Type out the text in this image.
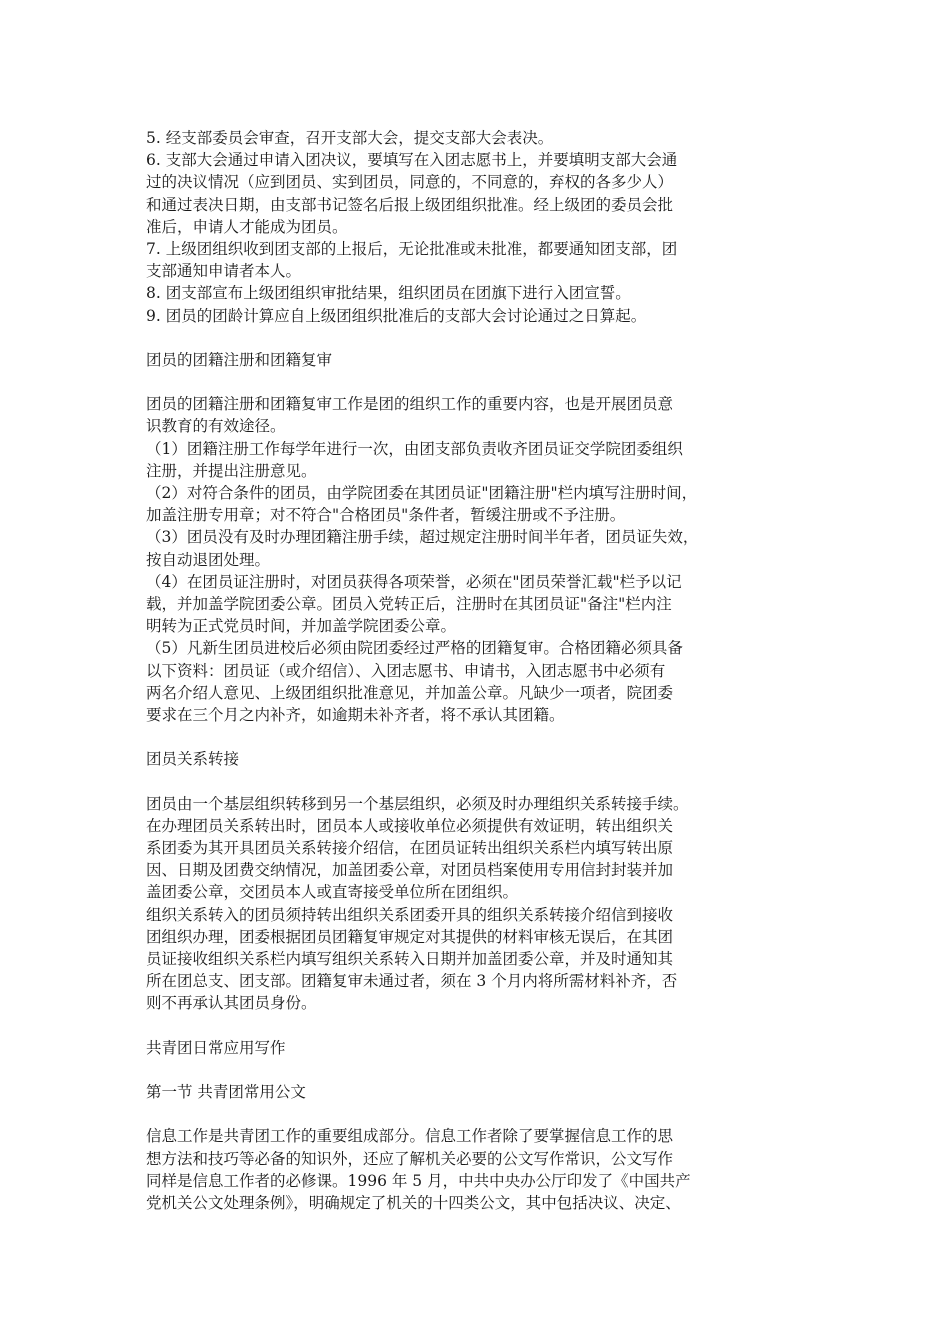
5. 经支部委员会审查，召开支部大会，提交支部大会表决。
6. 支部大会通过申请入团决议，要填写在入团志愿书上，并要填明支部大会通
过的决议情况（应到团员、实到团员，同意的，不同意的，弃权的各多少人）
和通过表决日期，由支部书记签名后报上级团组织批准。经上级团的委员会批
准后，申请人才能成为团员。
7. 上级团组织收到团支部的上报后，无论批准或未批准，都要通知团支部，团
支部通知申请者本人。
8. 团支部宣布上级团组织审批结果，组织团员在团旗下进行入团宣誓。
9. 团员的团龄计算应自上级团组织批准后的支部大会讨论通过之日算起。
团员的团籍注册和团籍复审
团员的团籍注册和团籍复审工作是团的组织工作的重要内容，也是开展团员意
识教育的有效途径。
（1）团籍注册工作每学年进行一次，由团支部负责收齐团员证交学院团委组织
注册，并提出注册意见。
（2）对符合条件的团员，由学院团委在其团员证"团籍注册"栏内填写注册时间，
加盖注册专用章；对不符合"合格团员"条件者，暂缓注册或不予注册。
（3）团员没有及时办理团籍注册手续，超过规定注册时间半年者，团员证失效，
按自动退团处理。
（4）在团员证注册时，对团员获得各项荣誉，必须在"团员荣誉汇载"栏予以记
载，并加盖学院团委公章。团员入党转正后，注册时在其团员证"备注"栏内注
明转为正式党员时间，并加盖学院团委公章。
（5）凡新生团员进校后必须由院团委经过严格的团籍复审。合格团籍必须具备
以下资料：团员证（或介绍信）、入团志愿书、申请书，入团志愿书中必须有
两名介绍人意见、上级团组织批准意见，并加盖公章。凡缺少一项者，院团委
要求在三个月之内补齐，如逾期未补齐者，将不承认其团籍。
团员关系转接
团员由一个基层组织转移到另一个基层组织，必须及时办理组织关系转接手续。
在办理团员关系转出时，团员本人或接收单位必须提供有效证明，转出组织关
系团委为其开具团员关系转接介绍信，在团员证转出组织关系栏内填写转出原
因、日期及团费交纳情况，加盖团委公章，对团员档案使用专用信封封装并加
盖团委公章，交团员本人或直寄接受单位所在团组织。
组织关系转入的团员须持转出组织关系团委开具的组织关系转接介绍信到接收
团组织办理，团委根据团员团籍复审规定对其提供的材料审核无误后，在其团
员证接收组织关系栏内填写组织关系转入日期并加盖团委公章，并及时通知其
所在团总支、团支部。团籍复审未通过者，须在 3 个月内将所需材料补齐，否
则不再承认其团员身份。
共青团日常应用写作
第一节 共青团常用公文
信息工作是共青团工作的重要组成部分。信息工作者除了要掌握信息工作的思
想方法和技巧等必备的知识外，还应了解机关必要的公文写作常识，公文写作
同样是信息工作者的必修课。1996 年 5 月，中共中央办公厅印发了《中国共产
党机关公文处理条例》，明确规定了机关的十四类公文，其中包括决议、决定、
